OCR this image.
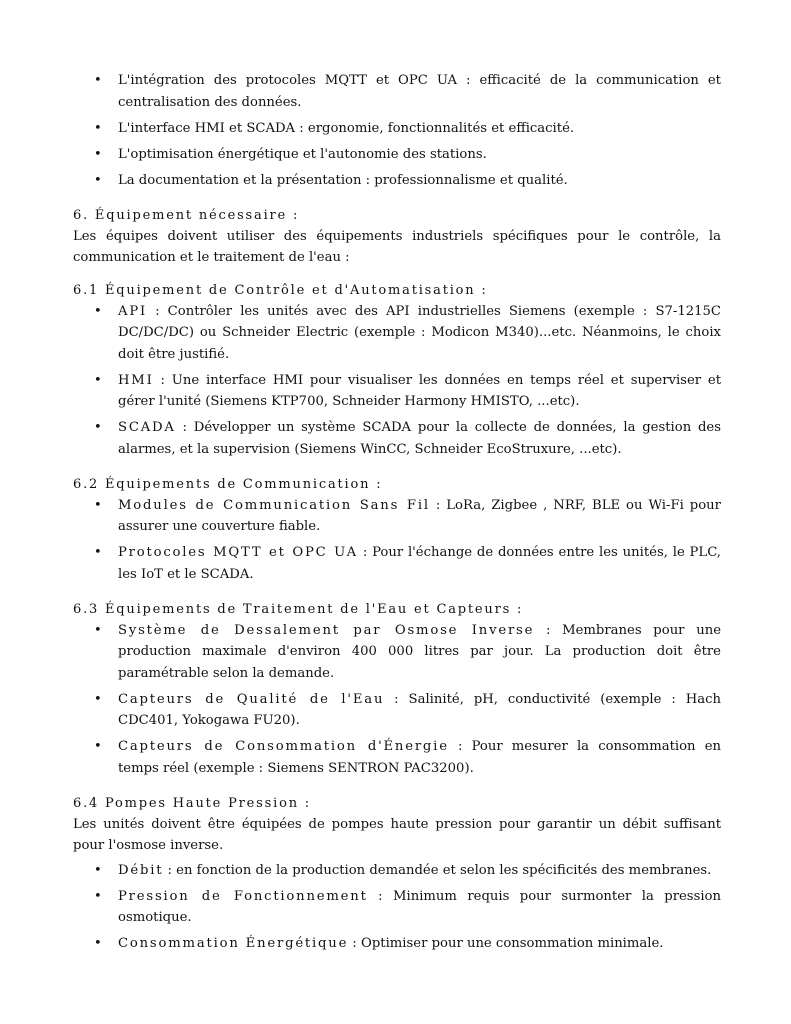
• L'intégration des protocoles MQTT et OPC UA : efficacité de la communication et centralisation des données.
• L'interface HMI et SCADA : ergonomie, fonctionnalités et efficacité.
• L'optimisation énergétique et l'autonomie des stations.
• La documentation et la présentation : professionnalisme et qualité.

6. Équipement nécessaire :

Les équipes doivent utiliser des équipements industriels spécifiques pour le contrôle, la communication et le traitement de l'eau :

6.1 Équipement de Contrôle et d'Automatisation :

• API : Contrôler les unités avec des API industrielles Siemens (exemple : S7-1215C DC/DC/DC) ou Schneider Electric (exemple : Modicon M340)...etc. Néanmoins, le choix doit être justifié.
• HMI : Une interface HMI pour visualiser les données en temps réel et superviser et gérer l'unité (Siemens KTP700, Schneider Harmony HMISTO, ...etc).
• SCADA : Développer un système SCADA pour la collecte de données, la gestion des alarmes, et la supervision (Siemens WinCC, Schneider EcoStruxure, ...etc).

6.2 Équipements de Communication :

• Modules de Communication Sans Fil : LoRa, Zigbee , NRF, BLE ou Wi-Fi pour assurer une couverture fiable.
• Protocoles MQTT et OPC UA : Pour l'échange de données entre les unités, le PLC, les IoT et le SCADA.

6.3 Équipements de Traitement de l'Eau et Capteurs :

• Système de Dessalement par Osmose Inverse : Membranes pour une production maximale d'environ 400 000 litres par jour. La production doit être paramétrable selon la demande.
• Capteurs de Qualité de l'Eau : Salinité, pH, conductivité (exemple : Hach CDC401, Yokogawa FU20).
• Capteurs de Consommation d'Énergie : Pour mesurer la consommation en temps réel (exemple : Siemens SENTRON PAC3200).

6.4 Pompes Haute Pression :

Les unités doivent être équipées de pompes haute pression pour garantir un débit suffisant pour l'osmose inverse.

• Débit : en fonction de la production demandée et selon les spécificités des membranes.
• Pression de Fonctionnement : Minimum requis pour surmonter la pression osmotique.
• Consommation Énergétique : Optimiser pour une consommation minimale.
